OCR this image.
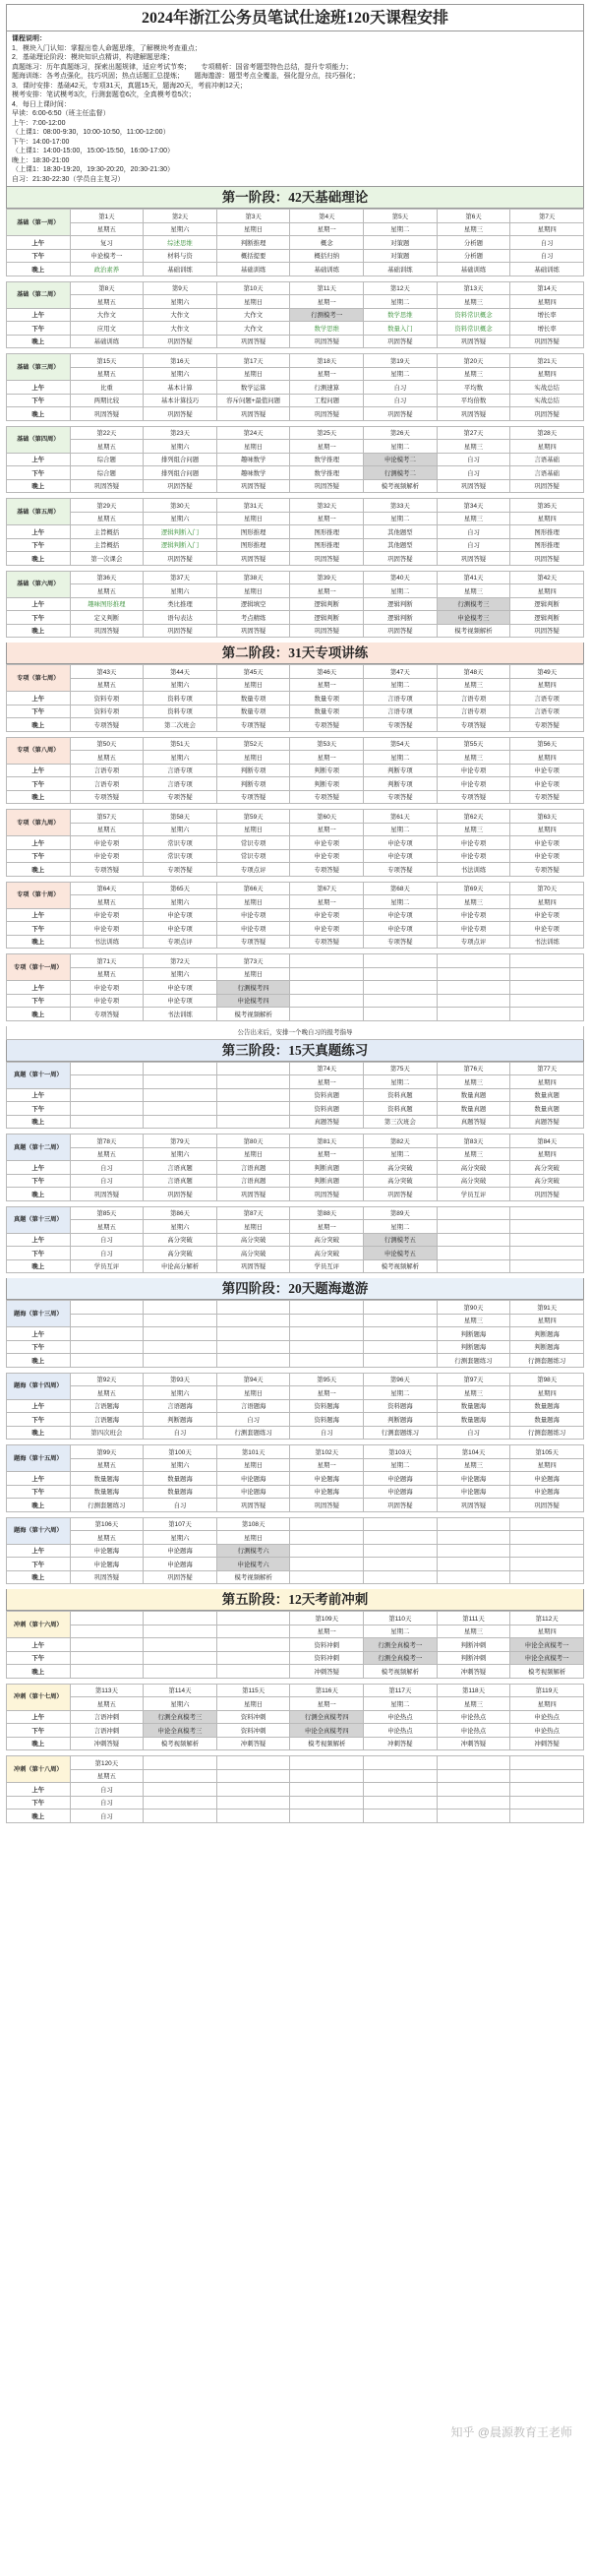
2024年浙江公务员笔试仕途班120天课程安排
课程说明：
1．模块入门认知：掌握出卷人命题思维，了解模块考查重点；
2．基础理论阶段：模块知识点精讲，构建解题思维；
真题练习：历年真题练习，探索出题规律，适应考试节奏；　　专项精析：国省考题型特色总结，提升专项能力；
题海训练：各考点强化，技巧巩固；热点话题汇总提炼；　　题海遨游：题型考点全覆盖，强化提分点，技巧强化；
3．课时安排：基础42天，专项31天，真题15天，题海20天，考前冲刺12天；
模考安排：笔试模考3次，行测套题卷6次，全真模考卷5次；
4．每日上课时间：
早读：6:00-6:50（班主任监督）
上午：7:00-12:00
（上课1：08:00-9:30，10:00-10:50，11:00-12:00）
下午：14:00-17:00
（上课1：14:00-15:00，15:00-15:50，16:00-17:00）
晚上：18:30-21:00
（上课1：18:30-19:20，19:30-20:20，20:30-21:30）
自习：21:30-22:30（学员自主复习）
第一阶段：42天基础理论
基础（第一周）	第1天	第2天	第3天	第4天	第5天	第6天	第7天
	星期五	星期六	星期日	星期一	星期二	星期三	星期四
上午	复习	综述思维	判断推理	概念	对策题	分析题	自习
下午	申论模考一	材料与资	概括提要	概括归纳	对策题	分析题	自习
晚上	政治素养	基础训练	基础训练	基础训练	基础训练	基础训练	基础训练
基础（第二周）	第8天	第9天	第10天	第11天	第12天	第13天	第14天
	星期五	星期六	星期日	星期一	星期二	星期三	星期四
上午	大作文	大作文	大作文	行测模考一	数学思维	资料常识概念	增长率
下午	应用文	大作文	大作文	数学思维	数量入门	资料常识概念	增长率
晚上	基础训练	巩固答疑	巩固答疑	巩固答疑	巩固答疑	巩固答疑	巩固答疑
基础（第三周）	第15天	第16天	第17天	第18天	第19天	第20天	第21天
	星期五	星期六	星期日	星期一	星期二	星期三	星期四
上午	比重	基本计算	数学运算	行测速算	自习	平均数	实战总结
下午	两期比较	基本计算技巧	容斥问题+最值问题	工程问题	自习	平均倍数	实战总结
晚上	巩固答疑	巩固答疑	巩固答疑	巩固答疑	巩固答疑	巩固答疑	巩固答疑
基础（第四周）	第22天	第23天	第24天	第25天	第26天	第27天	第28天
	星期五	星期六	星期日	星期一	星期二	星期三	星期四
上午	综合题	排列组合问题	趣味数学	数学推理	申论模考二	自习	言语基础
下午	综合题	排列组合问题	趣味数学	数学推理	行测模考二	自习	言语基础
晚上	巩固答疑	巩固答疑	巩固答疑	巩固答疑	模考视频解析	巩固答疑	巩固答疑
基础（第五周）	第29天	第30天	第31天	第32天	第33天	第34天	第35天
	星期五	星期六	星期日	星期一	星期二	星期三	星期四
上午	主旨概括	逻辑判断入门	图形推理	图形推理	其他题型	自习	图形推理
下午	主旨概括	逻辑判断入门	图形推理	图形推理	其他题型	自习	图形推理
晚上	第一次课会	巩固答疑	巩固答疑	巩固答疑	巩固答疑	巩固答疑	巩固答疑
基础（第六周）	第36天	第37天	第38天	第39天	第40天	第41天	第42天
	星期五	星期六	星期日	星期一	星期二	星期三	星期四
上午	趣味图形推理	类比推理	逻辑填空	逻辑判断	逻辑判断	行测模考三	逻辑判断
下午	定义判断	语句表达	考点精练	逻辑判断	逻辑判断	申论模考三	逻辑判断
晚上	巩固答疑	巩固答疑	巩固答疑	巩固答疑	巩固答疑	模考视频解析	巩固答疑
第二阶段：31天专项讲练
专项（第七周）	第43天	第44天	第45天	第46天	第47天	第48天	第49天
	星期五	星期六	星期日	星期一	星期二	星期三	星期四
上午	资料专项	资料专项	数量专项	数量专项	言语专项	言语专项	言语专项
下午	资料专项	资料专项	数量专项	数量专项	言语专项	言语专项	言语专项
晚上	专项答疑	第二次班会	专项答疑	专项答疑	专项答疑	专项答疑	专项答疑
专项（第八周）	第50天	第51天	第52天	第53天	第54天	第55天	第56天
	星期五	星期六	星期日	星期一	星期二	星期三	星期四
上午	言语专项	言语专项	判断专项	判断专项	判断专项	申论专项	申论专项
下午	言语专项	言语专项	判断专项	判断专项	判断专项	申论专项	申论专项
晚上	专项答疑	专项答疑	专项答疑	专项答疑	专项答疑	专项答疑	专项答疑
专项（第九周）	第57天	第58天	第59天	第60天	第61天	第62天	第63天
	星期五	星期六	星期日	星期一	星期二	星期三	星期四
上午	申论专项	常识专项	常识专项	申论专项	申论专项	申论专项	申论专项
下午	申论专项	常识专项	常识专项	申论专项	申论专项	申论专项	申论专项
晚上	专项答疑	专项答疑	专项点评	专项答疑	专项答疑	书法训练	专项答疑
专项（第十周）	第64天	第65天	第66天	第67天	第68天	第69天	第70天
	星期五	星期六	星期日	星期一	星期二	星期三	星期四
上午	申论专项	申论专项	申论专项	申论专项	申论专项	申论专项	申论专项
下午	申论专项	申论专项	申论专项	申论专项	申论专项	申论专项	申论专项
晚上	书法训练	专项点评	专项答疑	专项答疑	专项答疑	专项点评	书法训练
专项（第十一周）	第71天	第72天	第73天				
	星期五	星期六	星期日				
上午	申论专项	申论专项	行测模考四				
下午	申论专项	申论专项	申论模考四				
晚上	专项答疑	书法训练	模考视频解析				
公告出来后，安排一个晚自习的报考指导
第三阶段：15天真题练习
真题（第十一周）				第74天	第75天	第76天	第77天
				星期一	星期二	星期三	星期四
上午				资料真题	资料真题	数量真题	数量真题
下午				资料真题	资料真题	数量真题	数量真题
晚上				真题答疑	第三次班会	真题答疑	真题答疑
真题（第十二周）	第78天	第79天	第80天	第81天	第82天	第83天	第84天
	星期五	星期六	星期日	星期一	星期二	星期三	星期四
上午	自习	言语真题	言语真题	判断真题	高分突破	高分突破	高分突破
下午	自习	言语真题	言语真题	判断真题	高分突破	高分突破	高分突破
晚上	巩固答疑	巩固答疑	巩固答疑	巩固答疑	巩固答疑	学员互评	巩固答疑
真题（第十三周）	第85天	第86天	第87天	第88天	第89天		
	星期五	星期六	星期日	星期一	星期二		
上午	自习	高分突破	高分突破	高分突破	行测模考五		
下午	自习	高分突破	高分突破	高分突破	申论模考五		
晚上	学员互评	申论高分解析	巩固答疑	学员互评	模考视频解析		
第四阶段：20天题海遨游
题海（第十三周）						第90天	第91天
						星期三	星期四
上午						判断题海	判断题海
下午						判断题海	判断题海
晚上						行测套题练习	行测套题练习
题海（第十四周）	第92天	第93天	第94天	第95天	第96天	第97天	第98天
	星期五	星期六	星期日	星期一	星期二	星期三	星期四
上午	言语题海	言语题海	言语题海	资料题海	资料题海	数量题海	数量题海
下午	言语题海	判断题海	自习	资料题海	判断题海	数量题海	数量题海
晚上	第四次班会	自习	行测套题练习	自习	行测套题练习	自习	行测套题练习
题海（第十五周）	第99天	第100天	第101天	第102天	第103天	第104天	第105天
	星期五	星期六	星期日	星期一	星期二	星期三	星期四
上午	数量题海	数量题海	申论题海	申论题海	申论题海	申论题海	申论题海
下午	数量题海	数量题海	申论题海	申论题海	申论题海	申论题海	申论题海
晚上	行测套题练习	自习	巩固答疑	巩固答疑	巩固答疑	巩固答疑	巩固答疑
题海（第十六周）	第106天	第107天	第108天				
	星期五	星期六	星期日				
上午	申论题海	申论题海	行测模考六				
下午	申论题海	申论题海	申论模考六				
晚上	巩固答疑	巩固答疑	模考视频解析				
第五阶段：12天考前冲刺
冲刺（第十六周）				第109天	第110天	第111天	第112天
				星期一	星期二	星期三	星期四
上午				资料冲刺	行测全真模考一	判断冲刺	申论全真模考一
下午				资料冲刺	行测全真模考一	判断冲刺	申论全真模考一
晚上				冲刺答疑	模考视频解析	冲刺答疑	模考视频解析
冲刺（第十七周）	第113天	第114天	第115天	第116天	第117天	第118天	第119天
	星期五	星期六	星期日	星期一	星期二	星期三	星期四
上午	言语冲刺	行测全真模考三	资料冲刺	行测全真模考四	申论热点	申论热点	申论热点
下午	言语冲刺	申论全真模考三	资料冲刺	申论全真模考四	申论热点	申论热点	申论热点
晚上	冲刺答疑	模考视频解析	冲刺答疑	模考视频解析	冲刺答疑	冲刺答疑	冲刺答疑
冲刺（第十八周）	第120天						
	星期五						
上午	自习						
下午	自习						
晚上	自习						
知乎 @晨源教育王老师
